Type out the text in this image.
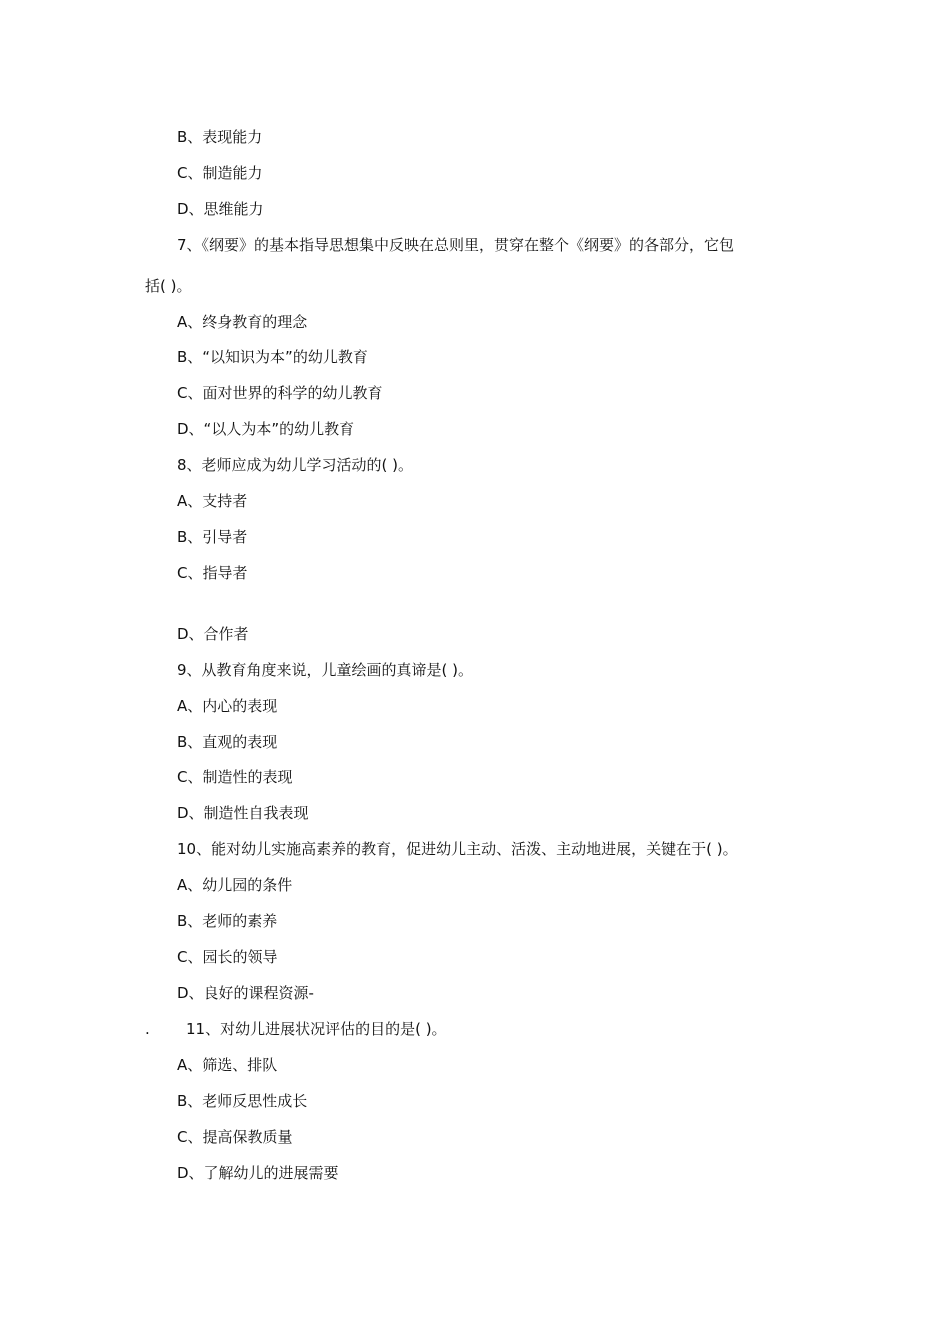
B、表现能力
C、制造能力
D、思维能力
7、《纲要》的基本指导思想集中反映在总则里，贯穿在整个《纲要》的各部分，它包
括( )。
A、终身教育的理念
B、“以知识为本”的幼儿教育
C、面对世界的科学的幼儿教育
D、“以人为本”的幼儿教育
8、老师应成为幼儿学习活动的( )。
A、支持者
B、引导者
C、指导者
D、合作者
9、从教育角度来说，儿童绘画的真谛是( )。
A、内心的表现
B、直观的表现
C、制造性的表现
D、制造性自我表现
10、能对幼儿实施高素养的教育，促进幼儿主动、活泼、主动地进展，关键在于( )。
A、幼儿园的条件
B、老师的素养
C、园长的领导
D、良好的课程资源-
. 11、对幼儿进展状况评估的目的是( )。
A、筛选、排队
B、老师反思性成长
C、提高保教质量
D、了解幼儿的进展需要
